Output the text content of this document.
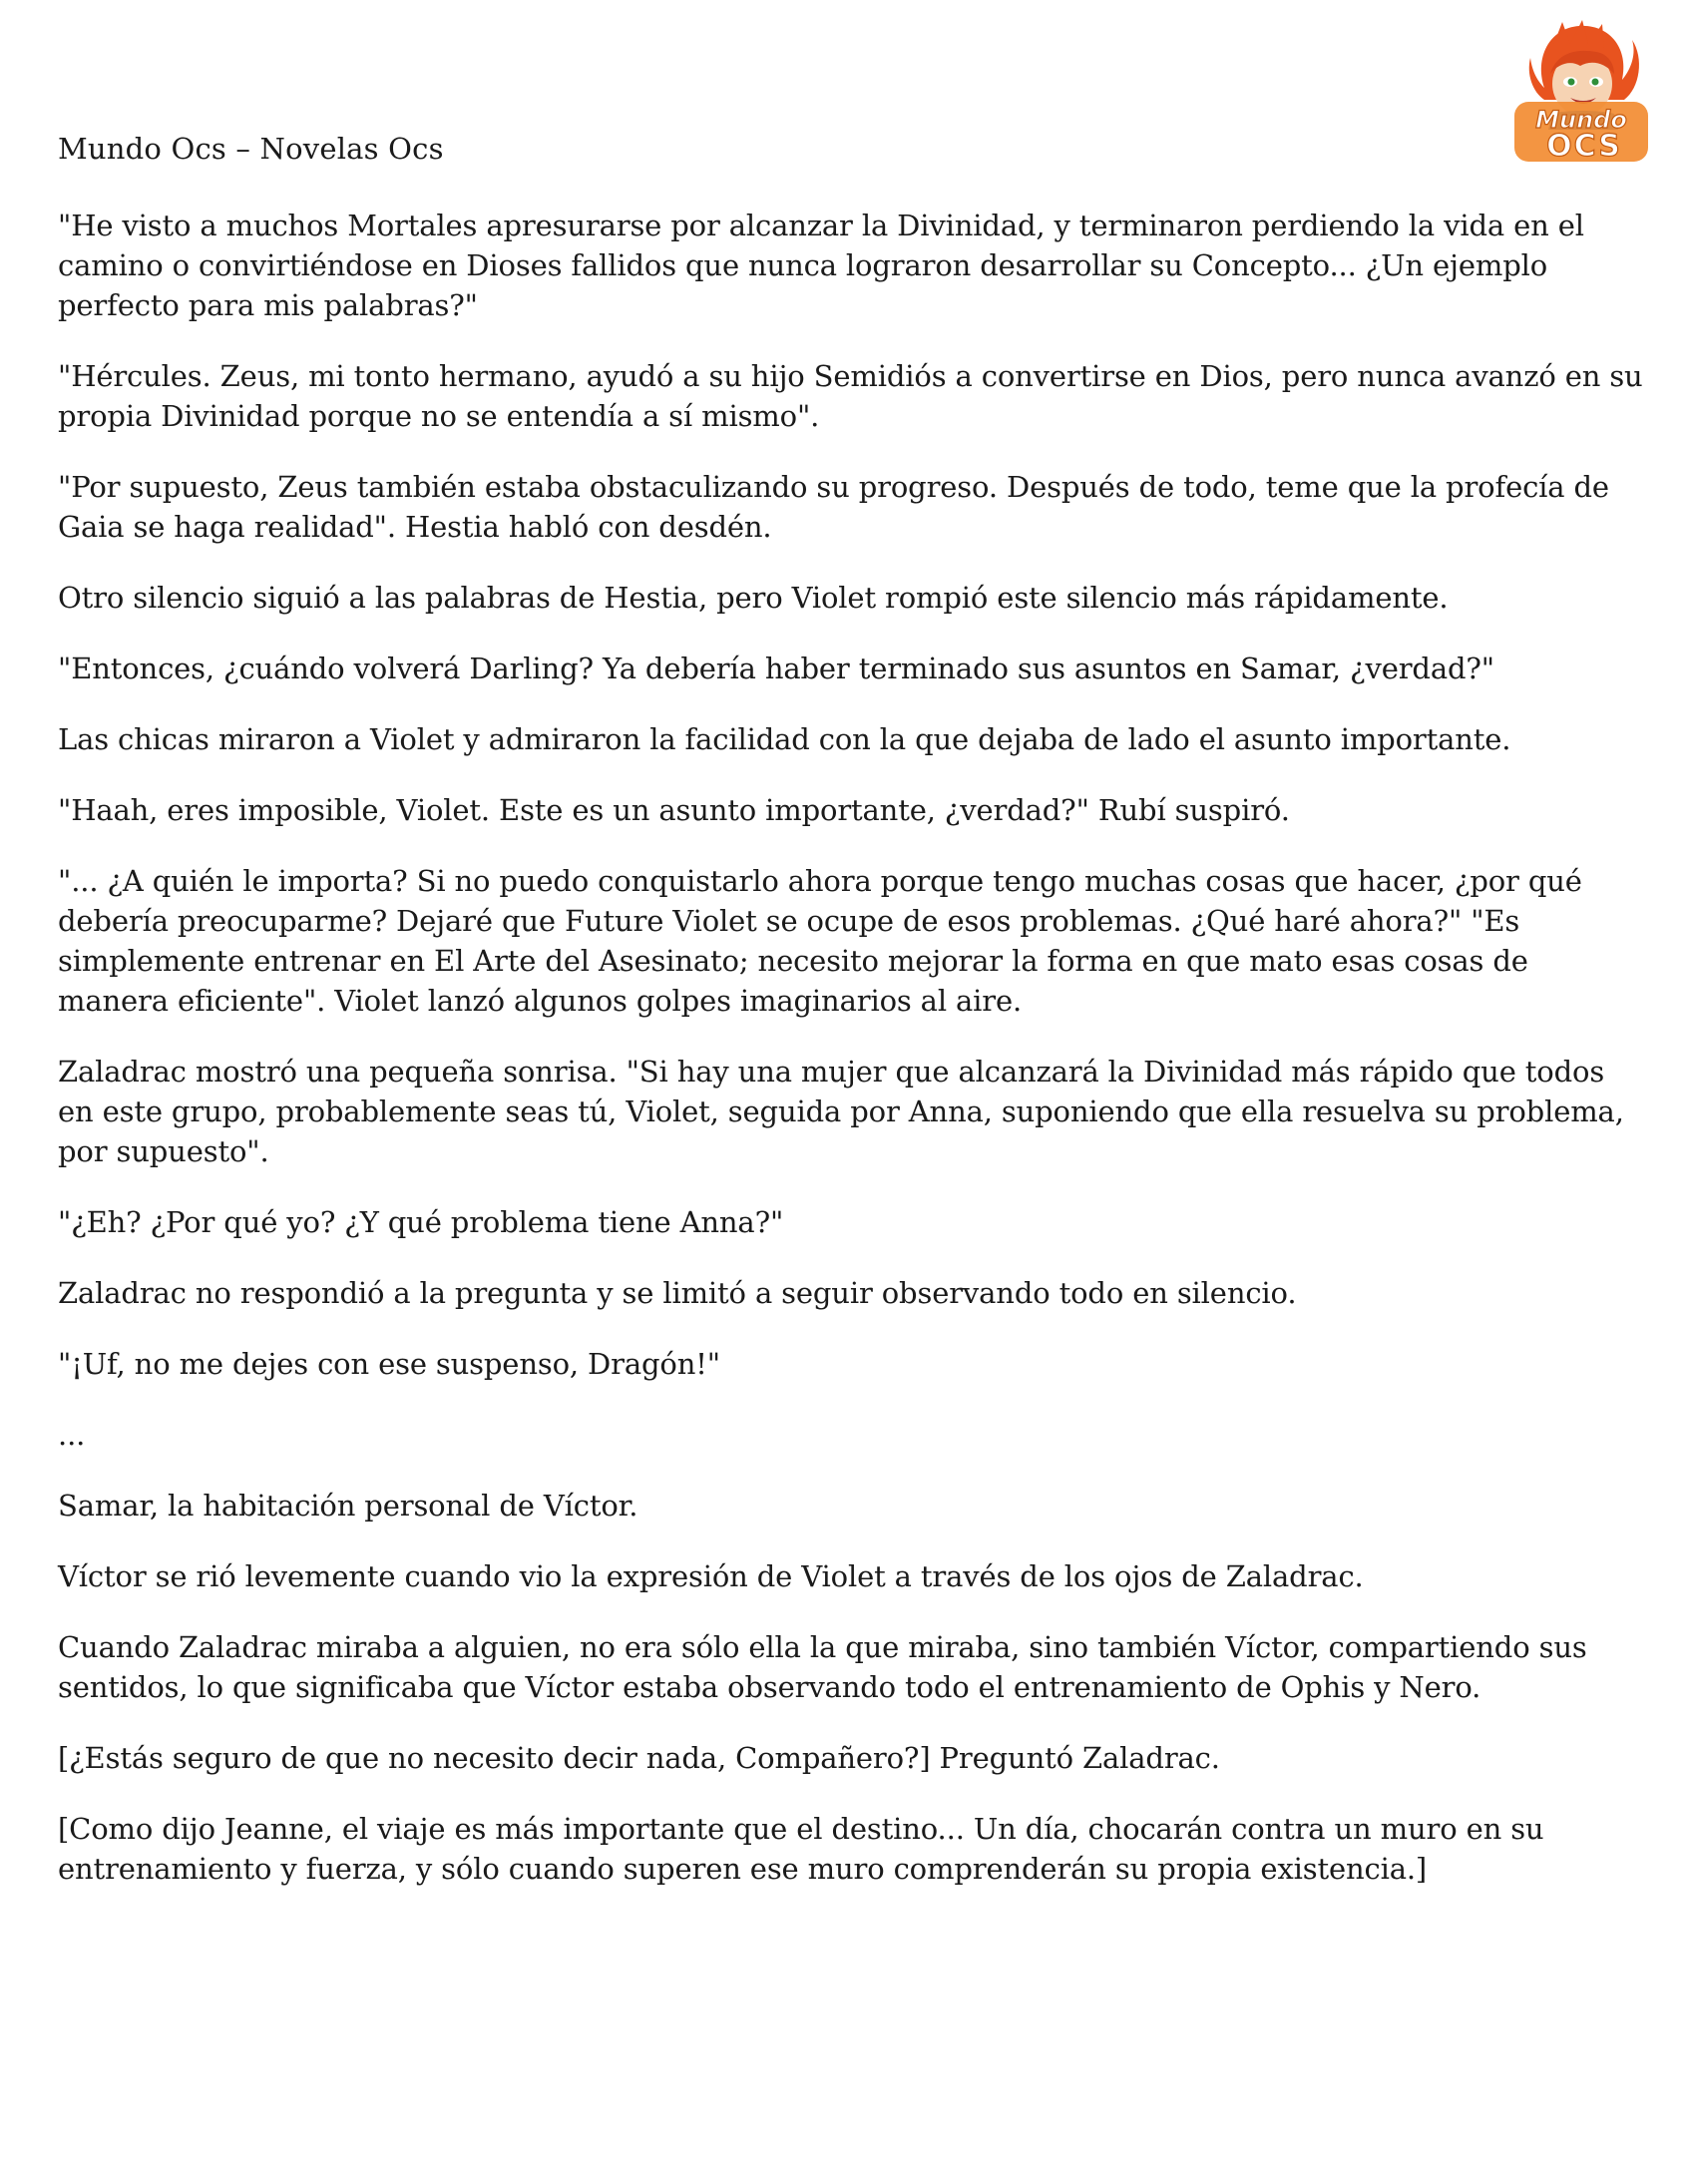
Mundo Ocs – Novelas Ocs
Mundo
OCS

"He visto a muchos Mortales apresurarse por alcanzar la Divinidad, y terminaron perdiendo la vida en el camino o convirtiéndose en Dioses fallidos que nunca lograron desarrollar su Concepto... ¿Un ejemplo perfecto para mis palabras?"

"Hércules. Zeus, mi tonto hermano, ayudó a su hijo Semidiós a convertirse en Dios, pero nunca avanzó en su propia Divinidad porque no se entendía a sí mismo".

"Por supuesto, Zeus también estaba obstaculizando su progreso. Después de todo, teme que la profecía de Gaia se haga realidad". Hestia habló con desdén.

Otro silencio siguió a las palabras de Hestia, pero Violet rompió este silencio más rápidamente.

"Entonces, ¿cuándo volverá Darling? Ya debería haber terminado sus asuntos en Samar, ¿verdad?"

Las chicas miraron a Violet y admiraron la facilidad con la que dejaba de lado el asunto importante.

"Haah, eres imposible, Violet. Este es un asunto importante, ¿verdad?" Rubí suspiró.

"... ¿A quién le importa? Si no puedo conquistarlo ahora porque tengo muchas cosas que hacer, ¿por qué debería preocuparme? Dejaré que Future Violet se ocupe de esos problemas. ¿Qué haré ahora?" "Es simplemente entrenar en El Arte del Asesinato; necesito mejorar la forma en que mato esas cosas de manera eficiente". Violet lanzó algunos golpes imaginarios al aire.

Zaladrac mostró una pequeña sonrisa. "Si hay una mujer que alcanzará la Divinidad más rápido que todos en este grupo, probablemente seas tú, Violet, seguida por Anna, suponiendo que ella resuelva su problema, por supuesto".

"¿Eh? ¿Por qué yo? ¿Y qué problema tiene Anna?"

Zaladrac no respondió a la pregunta y se limitó a seguir observando todo en silencio.

"¡Uf, no me dejes con ese suspenso, Dragón!"

...

Samar, la habitación personal de Víctor.

Víctor se rió levemente cuando vio la expresión de Violet a través de los ojos de Zaladrac.

Cuando Zaladrac miraba a alguien, no era sólo ella la que miraba, sino también Víctor, compartiendo sus sentidos, lo que significaba que Víctor estaba observando todo el entrenamiento de Ophis y Nero.

[¿Estás seguro de que no necesito decir nada, Compañero?] Preguntó Zaladrac.

[Como dijo Jeanne, el viaje es más importante que el destino... Un día, chocarán contra un muro en su entrenamiento y fuerza, y sólo cuando superen ese muro comprenderán su propia existencia.]
